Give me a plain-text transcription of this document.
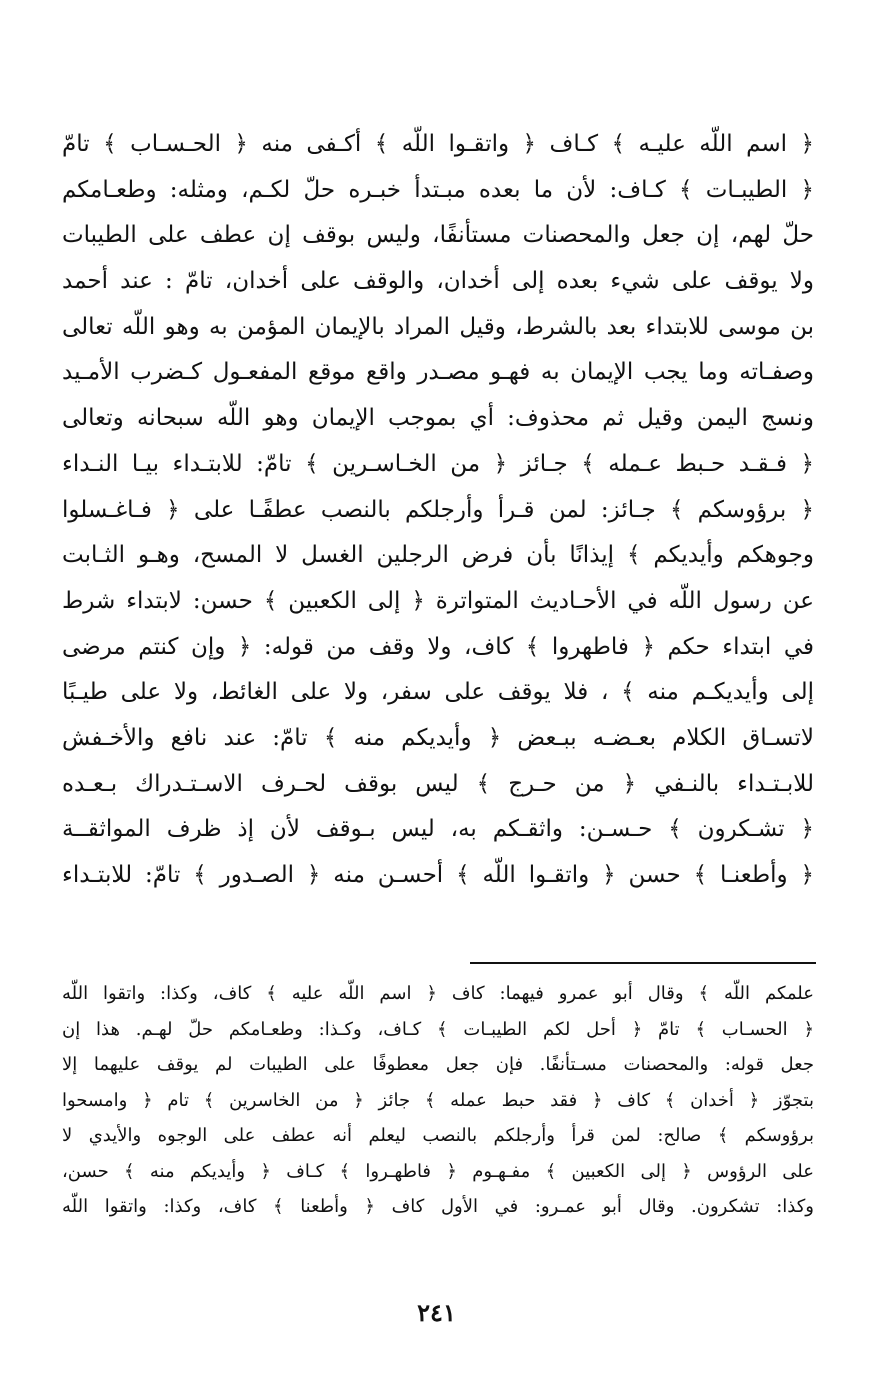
﴿ اسم اللّه عليـه ﴾ كـاف ﴿ واتقـوا اللّه ﴾ أكـفى منه ﴿ الحـسـاب ﴾ تامّ
﴿ الطيبـات ﴾ كـاف: لأن ما بعده مبـتدأ خبـره حلّ لكـم، ومثله: وطعـامكم
حلّ لهم، إن جعل والمحصنات مستأنفًا، وليس بوقف إن عطف على الطيبات
ولا يوقف على شيء بعده إلى أخدان، والوقف على أخدان، تامّ : عند أحمد
بن موسى للابتداء بعد بالشرط، وقيل المراد بالإيمان المؤمن به وهو اللّه تعالى
وصفـاته وما يجب الإيمان به فهـو مصـدر واقع موقع المفعـول كـضرب الأمـيد
ونسج اليمن وقيل ثم محذوف: أي بموجب الإيمان وهو اللّه سبحانه وتعالى
﴿ فـقـد حـبط عـمله ﴾ جـائز ﴿ من الخـاسـرين ﴾ تامّ: للابتـداء بيـا النـداء
﴿ برؤوسكم ﴾ جـائز: لمن قـرأ وأرجلكم بالنصب عطفًـا على ﴿ فـاغـسلوا
وجوهكم وأيديكم ﴾ إيذانًا بأن فرض الرجلين الغسل لا المسح، وهـو الثـابت
عن رسول اللّه في الأحـاديث المتواترة ﴿ إلى الكعبين ﴾ حسن: لابتداء شرط
في ابتداء حكم ﴿ فاطهروا ﴾ كاف، ولا وقف من قوله: ﴿ وإن كنتم مرضى
إلى وأيديكـم منه ﴾ ، فلا يوقف على سفر، ولا على الغائط، ولا على طيـبًا
لاتسـاق الكلام بعـضـه ببـعض ﴿ وأيديكم منه ﴾ تامّ: عند نافع والأخـفش
للابـتـداء بالنـفي ﴿ من حـرج ﴾ ليس بوقف لحـرف الاسـتـدراك بـعـده
﴿ تشـكرون ﴾ حـسـن: واثقـكم به، ليس بـوقف لأن إذ ظرف المواثقــة
﴿ وأطعنـا ﴾ حسن ﴿ واتقـوا اللّه ﴾ أحسـن منه ﴿ الصـدور ﴾ تامّ: للابتـداء
علمكم اللّه ﴾ وقال أبو عمرو فيهما: كاف ﴿ اسم اللّه عليه ﴾ كاف، وكذا: واتقوا اللّه
﴿ الحسـاب ﴾ تامّ ﴿ أحل لكم الطيبـات ﴾ كـاف، وكـذا: وطعـامكم حلّ لهـم. هذا إن
جعل قوله: والمحصنات مسـتأنفًا. فإن جعل معطوفًا على الطيبات لم يوقف عليهما إلا
بتجوّز ﴿ أخدان ﴾ كاف ﴿ فقد حبط عمله ﴾ جائز ﴿ من الخاسرين ﴾ تام ﴿ وامسحوا
برؤوسكم ﴾ صالح: لمن قرأ وأرجلكم بالنصب ليعلم أنه عطف على الوجوه والأيدي لا
على الرؤوس ﴿ إلى الكعبين ﴾ مفـهـوم ﴿ فاطهـروا ﴾ كـاف ﴿ وأيديكم منه ﴾ حسن،
وكذا: تشكرون. وقال أبو عمـرو: في الأول كاف ﴿ وأطعنا ﴾ كاف، وكذا: واتقوا اللّه
٢٤١
